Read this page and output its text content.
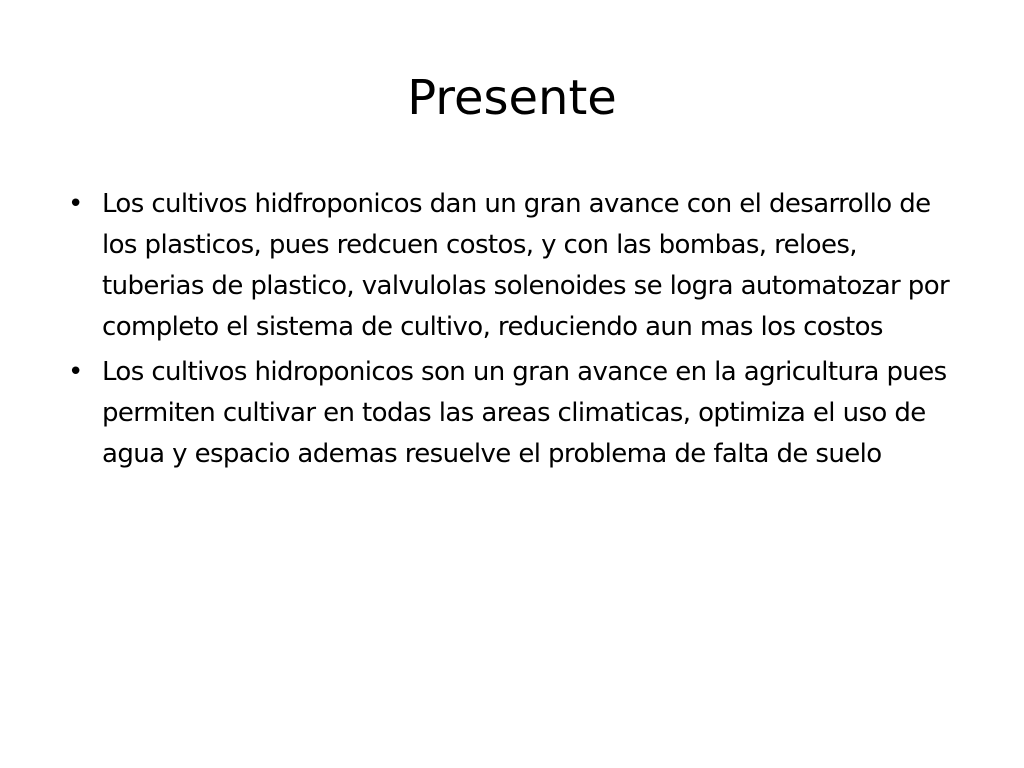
Presente
• Los cultivos hidfroponicos dan un gran avance con el desarrollo de los plasticos, pues redcuen costos, y con las bombas, reloes, tuberias de plastico, valvulolas solenoides se logra automatozar por completo el sistema de cultivo, reduciendo aun mas los costos
• Los cultivos hidroponicos son un gran avance en la agricultura pues permiten cultivar en todas las areas climaticas, optimiza el uso de agua y espacio ademas resuelve el problema de falta de suelo
